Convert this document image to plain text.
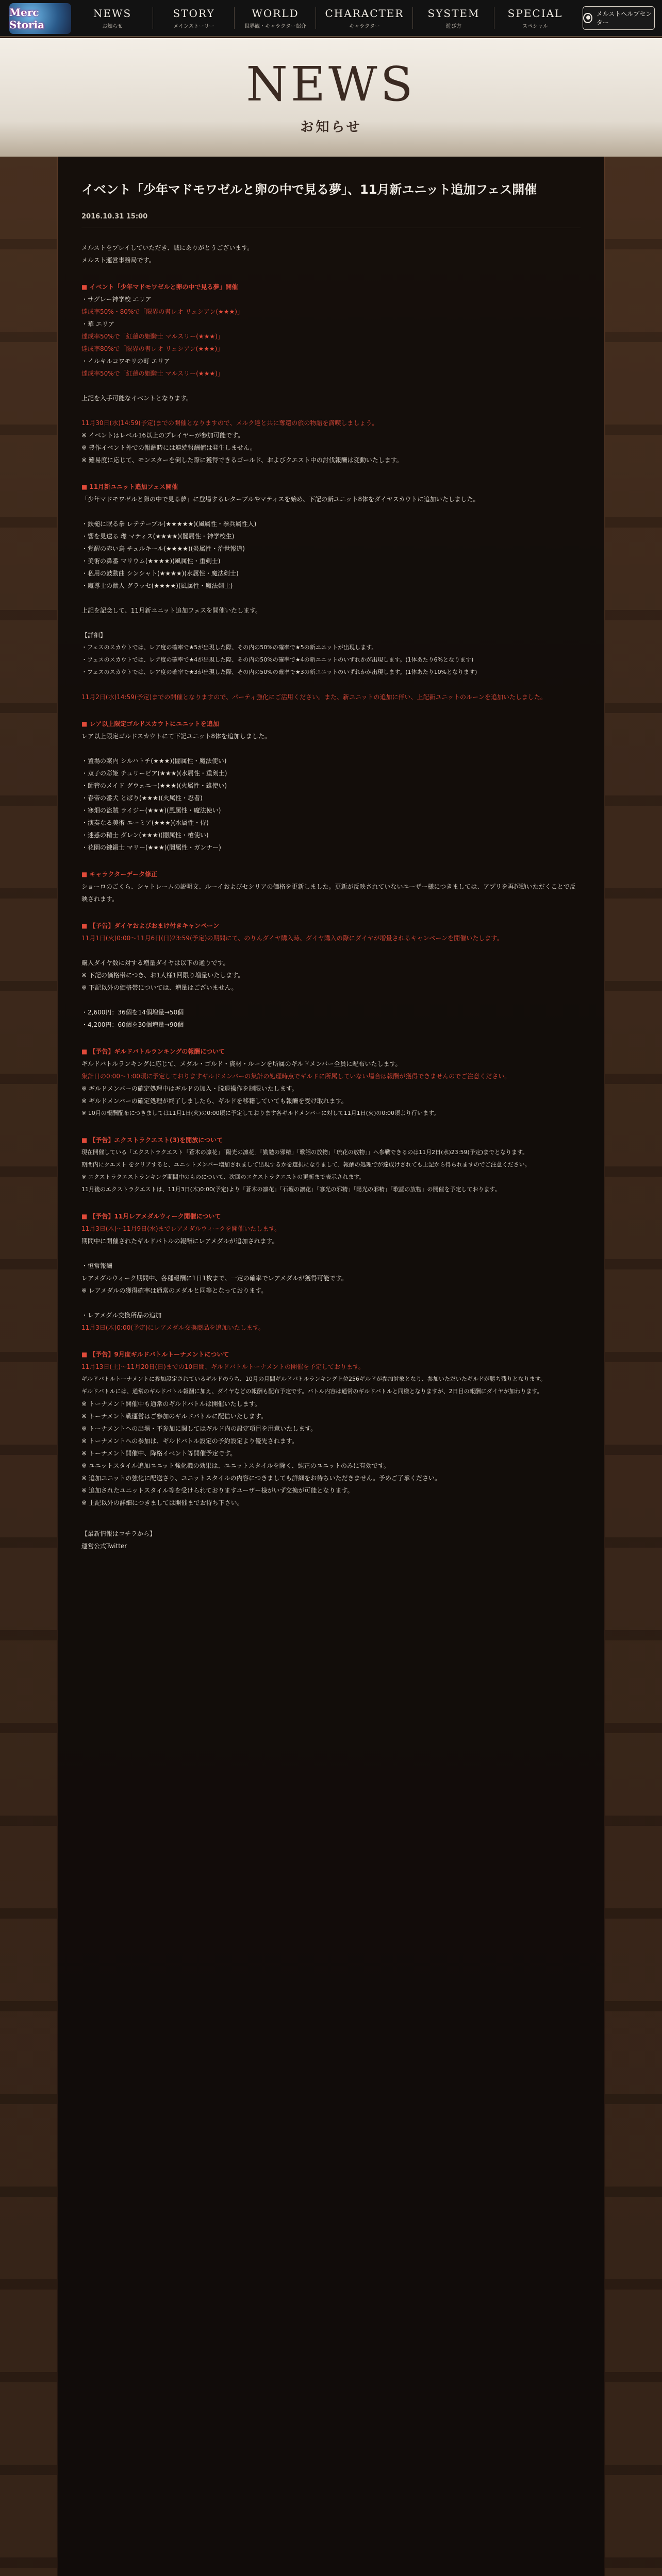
Merc Storia
NEWS
お知らせ
STORY
メインストーリー
WORLD
世界観・キャラクター紹介
CHARACTER
キャラクター
SYSTEM
遊び方
SPECIAL
スペシャル
メルストへルプセンター
NEWS
お知らせ
イベント「少年マドモワゼルと卵の中で見る夢」、11月新ユニット追加フェス開催
2016.10.31 15:00

メルストをプレイしていただき、誠にありがとうございます。

メルスト運営事務局です。

■ イベント「少年マドモワゼルと卵の中で見る夢」開催

・サグレー神学校 エリア

達成率50%・80%で「限界の書レオ リュシアン(★★★)」

・華 エリア

達成率50%で「紅蓮の姫騎士 マルスリー(★★★)」

達成率80%で「限界の書レオ リュシアン(★★★)」

・イルキルコワモリの町 エリア

達成率50%で「紅蓮の姫騎士 マルスリー(★★★)」

上記を入手可能なイベントとなります。

11月30日(水)14:59(予定)までの開催となりますので、メルク達と共に奪還の旅の物語を満喫しましょう。

※ イベントはレベル16以上のプレイヤーが参加可能です。

※ 豊作イベント外での報酬時には連続報酬値は発生しません。

※ 難易度に応じて、モンスターを倒した際に獲得できるゴールド、およびクエスト中の討伐報酬は変動いたします。

■ 11月新ユニット追加フェス開催

「少年マドモワゼルと卵の中で見る夢」に登場するレターブルやマティスを始め、下記の新ユニット8体をダイヤスカウトに追加いたしました。

・鉄槌に眠る拳 レテテーブル(★★★★★)(風属性・拳兵属性人)

・響を見送る 瓈 マティス(★★★★)(闇属性・神学校生)

・覚醒の赤い鳥 チュルキール(★★★★)(炎属性・治世報道)

・美術の鼻番 マリウム(★★★★)(風属性・重剣士)

・私用の鼓動曲 シンシャト(★★★★)(水属性・魔法剣士)

・魔導士の獣人 グラッセ(★★★★)(風属性・魔法剣士)

上記を記念して、11月新ユニット追加フェスを開催いたします。

【詳細】

・フェスのスカウトでは、レア度の確率で★5が出現した際、その内の50%の確率で★5の新ユニットが出現します。

・フェスのスカウトでは、レア度の確率で★4が出現した際、その内の50%の確率で★4の新ユニットのいずれかが出現します。(1体あたり6%となります)

・フェスのスカウトでは、レア度の確率で★3が出現した際、その内の50%の確率で★3の新ユニットのいずれかが出現します。(1体あたり10%となります)

11月2日(水)14:59(予定)までの開催となりますので、パーティ強化にご活用ください。また、新ユニットの追加に伴い、上記新ユニットのルーンを追加いたしました。

■ レア以上限定ゴルドスカウトにユニットを追加

レア以上限定ゴルドスカウトにて下記ユニット8体を追加しました。

・置場の案内 シルハトチ(★★★)(闇属性・魔法使い)

・双子の彩姫 チュリーピア(★★★)(水属性・重剣士)

・師管のメイド グウェニー(★★★)(火属性・雑使い)

・春帝の番犬 とばり(★★★)(火属性・忍者)

・寒畑の盗賊 ライジー(★★★)(風属性・魔法使い)

・演奏なる美術 エーミア(★★★)(水属性・侍)

・迷惑の精士 ダレン(★★★)(闇属性・槍使い)

・花園の錬鍛士 マリー(★★★)(闇属性・ガンナー)

■ キャラクターデータ修正

ショーロのごくら、シャトレームの説明文、ルーイおよびセシリアの価格を更新しました。更新が反映されていないユーザー様につきましては、アプリを再起動いただくことで反映されます。

■ 【予告】ダイヤおよびおまけ付きキャンペーン

11月1日(火)0:00〜11月6日(日)23:59(予定)の期間にて、のりんダイヤ購入時、ダイヤ購入の際にダイヤが増量されるキャンペーンを開催いたします。

購入ダイヤ数に対する増量ダイヤは以下の通りです。

※ 下記の価格帯につき、お1人様1回限り増量いたします。

※ 下記以外の価格帯については、増量はございません。

・2,600円：36個を14個増量→50個

・4,200円：60個を30個増量→90個

■ 【予告】ギルドバトルランキングの報酬について

ギルドバトルランキングに応じて、メダル・ゴルド・資材・ルーンを所属のギルドメンバー全員に配布いたします。

集計日の0:00〜1:00頃に予定しておりますギルドメンバーの集計の処理時点でギルドに所属していない場合は報酬が獲得できませんのでご注意ください。

※ ギルドメンバーの確定処理中はギルドの加入・脱退操作を制限いたします。

※ ギルドメンバーの確定処理が終了しましたら、ギルドを移籍していても報酬を受け取れます。

※ 10月の報酬配布につきましては11月1日(火)の0:00頃に予定しております各ギルドメンバーに対して11月1日(火)の0:00頃より行います。

■ 【予告】エクストラクエスト(3)を開放について

現在開催している「エクストラクエスト「蒼木の凛花」「陽光の凛花」「勤勉の邪精」「歌謡の放物」「琉花の放物」」へ参戦できるのは11月2日(水)23:59(予定)までとなります。

期間内にクエスト をクリアすると、ユニットメンバー増加されまして出現するかを選択になりまして、報酬の処理でが達成けされても上記から得られますのでご注意ください。

※ エクストラクエストランキング期間中のものについて、次回のエクストラクエストの更新まで表示されます。

11月後のエクストラクエストは、11月3日(木)0:00(予定)より「蒼木の凛花」「石壇の凛花」「寡光の邪精」「陽光の邪精」「歌謡の放物」の開催を予定しております。

■ 【予告】11月レアメダルウィーク開催について

11月3日(木)〜11月9日(水)までレアメダルウィークを開催いたします。

期間中に開催されたギルドバトルの報酬にレアメダルが追加されます。

・恒常報酬

レアメダルウィーク期間中、各種報酬に1日1枚まで、一定の確率でレアメダルが獲得可能です。

※ レアメダルの獲得確率は通常のメダルと同等となっております。

・レアメダル交換所品の追加

11月3日(木)0:00(予定)にレアメダル交換商品を追加いたします。

■ 【予告】9月度ギルドバトルトーナメントについて

11月13日(土)〜11月20日(日)までの10日間、ギルドバトルトーナメントの開催を予定しております。

ギルドバトルトーナメントに参加設定されているギルドのうち、10月の月間ギルドバトルランキング上位256ギルドが参加対象となり、参加いただいたギルドが勝ち残りとなります。

ギルドバトルには、通常のギルドバトル報酬に加え、ダイヤなどの報酬も配布予定です。バトル内容は通常のギルドバトルと同様となりますが、2日目の報酬にダイヤが加わります。

※ トーナメント開催中も通常のギルドバトルは開催いたします。

※ トーナメント戦運営はご参加のギルドバトルに配信いたします。

※ トーナメントへの出場・不参加に関してはギルド内の設定項目を用意いたします。

※ トーナメントへの参加は、ギルドバトル設定の予約設定より優先されます。

※ トーナメント開催中、降格イベント等開催予定です。

※ ユニットスタイル追加ユニット強化機の効果は、ユニットスタイルを除く、純正のユニットのみに有効です。

※ 追加ユニットの強化に配送さり、ユニットスタイルの内容につきましても詳細をお待ちいただきません。予めご了承ください。

※ 追加されたユニットスタイル等を受けられておりますユーザー様がいず交換が可能となります。

※ 上記以外の詳細につきましては開催までお待ち下さい。

【最新情報はコチラから】

運営公式Twitter
